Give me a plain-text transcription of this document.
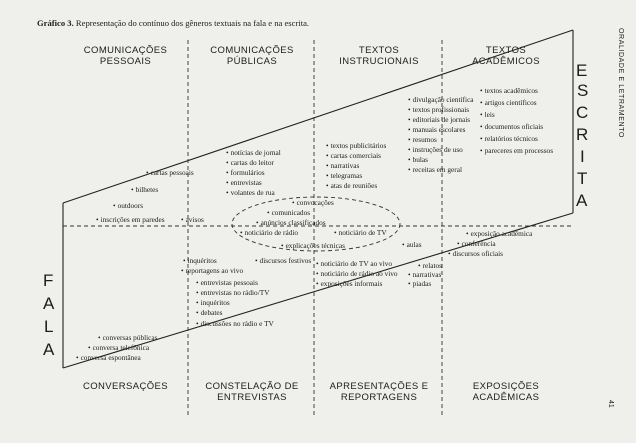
Gráfico 3. Representação do contínuo dos gêneros textuais na fala e na escrita.
ORALIDADE E LETRAMENTO
41
COMUNICAÇÕES
PESSOAIS
COMUNICAÇÕES
PÚBLICAS
TEXTOS
INSTRUCIONAIS
TEXTOS
ACADÊMICOS
CONVERSAÇÕES	CONSTELAÇÃO DE
ENTREVISTAS
APRESENTAÇÕES E
REPORTAGENS
EXPOSIÇÕES
ACADÊMICAS
E
S
C
R
I
T
A
F
A
L
A
• cartas pessoais
• bilhetes
• outdoors
• inscrições em paredes	• avisos
• notícias de jornal
• cartas do leitor
• formulários
• entrevistas
• volantes de rua
• textos publicitários
• cartas comerciais
• narrativas
• telegramas
• atas de reuniões
• divulgação científica
• textos profissionais
• editoriais de jornais
• manuais escolares
• resumos
• instruções de uso
• bulas
• receitas em geral
• textos acadêmicos
• artigos científicos
• leis
• documentos oficiais
• relatórios técnicos
• pareceres em processos
• convocações
• comunicados
• anúncios classificados
• noticiário de rádio	• noticiário de TV
• explicações técnicas
• conversas públicas
• conversa telefônica
• conversa espontânea
• inquéritos
• reportagens ao vivo
• discursos festivos
• entrevistas pessoais
• entrevistas no rádio/TV
• inquéritos
• debates
• discussões no rádio e TV
• noticiário de TV ao vivo
• noticiário de rádio ao vivo
• exposições informais
• relatos
• narrativas
• piadas
• aulas
• exposição acadêmica
• conferência
• discursos oficiais
